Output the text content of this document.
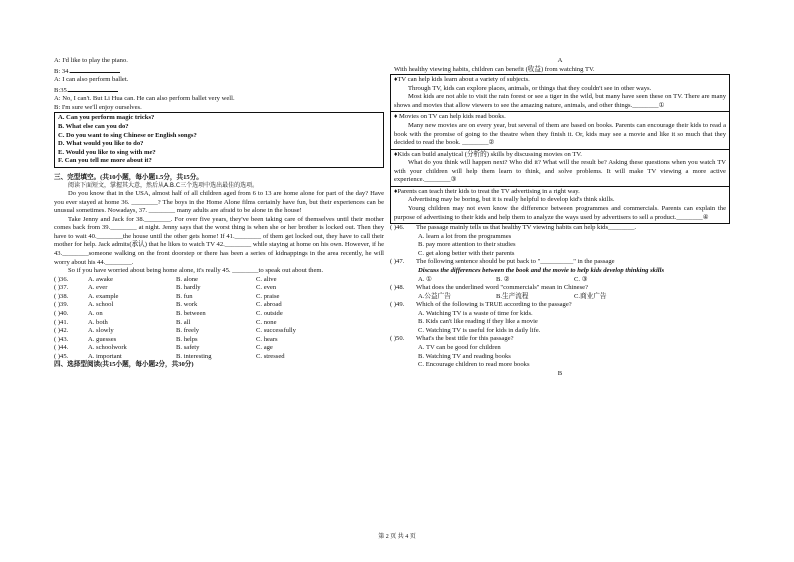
A: I'd like to play the piano.
B: 34.
A: I can also perform ballet.
B:35.
A: No, I can't. But Li Hua can. He can also perform ballet very well.
B: I'm sure we'll enjoy ourselves.
A. Can you perform magic tricks?
B. What else can you do?
C. Do you want to sing Chinese or English songs?
D. What would you like to do?
E. Would you like to sing with me?
F. Can you tell me more about it?
三、完型填空。(共10小题，每小题1.5分，共15分。
阅读下面短文，掌握其大意，然后从A.B.C三个选项中选出最佳的选项。
Do you know that in the USA, almost half of all children aged from 6 to 13 are home alone for part of the day? Have you ever stayed at home 36. ________? The boys in the Home Alone films certainly have fun, but their experiences can be unusual sometimes. Nowadays, 37. ________ many adults are afraid to be alone in the house!
Take Jenny and Jack for 38.________. For over five years, they've been taking care of themselves until their mother comes back from 39.________ at night. Jenny says that the worst thing is when she or her brother is locked out. Then they have to wait 40.________the house until the other gets home! If 41.________ of them get locked out, they have to call their mother for help. Jack admits(承认) that he likes to watch TV 42.________ while staying at home on his own. However, if he 43.________someone walking on the front doorstep or there has been a series of kidnappings in the area recently, he will worry about his 44.________.
So if you have worried about being home alone, it's really 45. ________to speak out about them.
( )36.	A. awake	B. alone	C. alive
( )37.	A. ever	B. hardly	C. even
( )38.	A. example	B. fun	C. praise
( )39.	A. school	B. work	C. abroad
( )40.	A. on	B. between	C. outside
( )41.	A. both	B. all	C. none
( )42.	A. slowly	B. freely	C. successfully
( )43.	A. guesses	B. helps	C. hears
( )44.	A. schoolwork	B. safety	C. age
( )45.	A. important	B. interesting	C. stressed
四、选择型阅读(共15小题，每小题2分，共30分)
A
With healthy viewing habits, children can benefit (收益) from watching TV.
♦TV can help kids learn about a variety of subjects.
Through TV, kids can explore places, animals, or things that they couldn't see in other ways.
Most kids are not able to visit the rain forest or see a tiger in the wild, but many have seen these on TV. There are many shows and movies that allow viewers to see the amazing nature, animals, and other things.________①
♦ Movies on TV can help kids read books.
Many new movies are on every year, but several of them are based on books. Parents can encourage their kids to read a book with the promise of going to the theatre when they finish it. Or, kids may see a movie and like it so much that they decided to read the book. ________②
♦Kids can build analytical (分析的) skills by discussing movies on TV.
What do you think will happen next? Who did it? What will the result be? Asking these questions when you watch TV with your children will help them learn to think, and solve problems. It will make TV viewing a more active experience.________③
♦Parents can teach their kids to treat the TV advertising in a right way.
Advertising may be boring, but it is really helpful to develop kid's think skills.
Young children may not even know the difference between programmes and commercials. Parents can explain the purpose of advertising to their kids and help them to analyze the ways used by advertisers to sell a product.________④
( )46.	The passage mainly tells us that healthy TV viewing habits can help kids________.
A. learn a lot from the programmes
B. pay more attention to their studies
C. get along better with their parents
( )47.	The following sentence should be put back to "__________" in the passage
Discuss the differences between the book and the movie to help kids develop thinking skills
A. ①	B. ②	C. ③
( )48.	What does the underlined word "commercials" mean in Chinese?
A.公益广告	B.生产流程	C.商业广告
( )49.	Which of the following is TRUE according to the passage?
A. Watching TV is a waste of time for kids.
B. Kids can't like reading if they like a movie
C. Watching TV is useful for kids in daily life.
( )50.	What's the best title for this passage?
A. TV can be good for children
B. Watching TV and reading books
C. Encourage children to read more books
B
第 2 页 共 4 页
